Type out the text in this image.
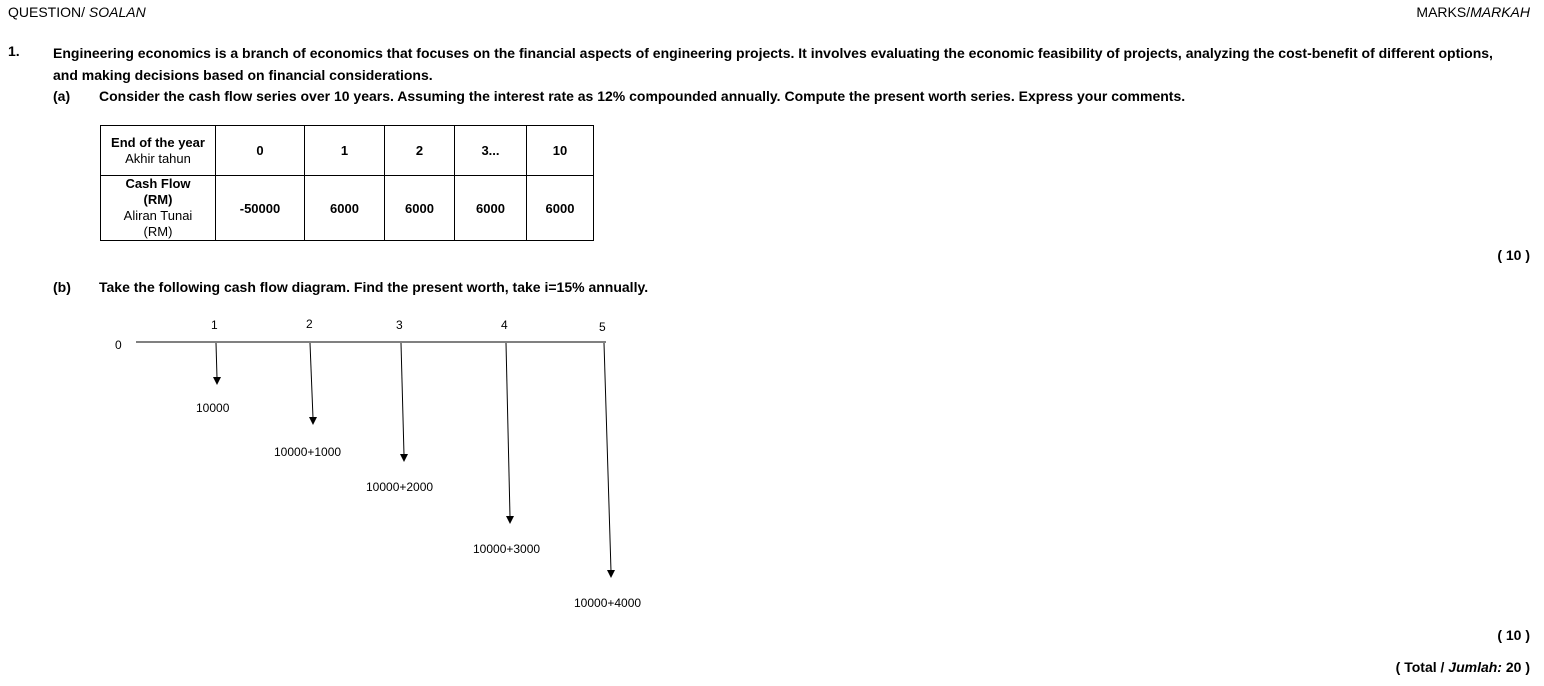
QUESTION/ SOALAN	MARKS/MARKAH
1. Engineering economics is a branch of economics that focuses on the financial aspects of engineering projects. It involves evaluating the economic feasibility of projects, analyzing the cost-benefit of different options, and making decisions based on financial considerations.
(a) Consider the cash flow series over 10 years. Assuming the interest rate as 12% compounded annually. Compute the present worth series. Express your comments.
End of the year
Akhir tahun	0	1	2	3...	10

Cash Flow
(RM)
Aliran Tunai
(RM)	-50000	6000	6000	6000	6000
( 10 )
(b) Take the following cash flow diagram. Find the present worth, take i=15% annually.
0
1	2	3	4	5
10000
10000+1000
10000+2000
10000+3000
10000+4000
( 10 )
( Total / Jumlah: 20 )
